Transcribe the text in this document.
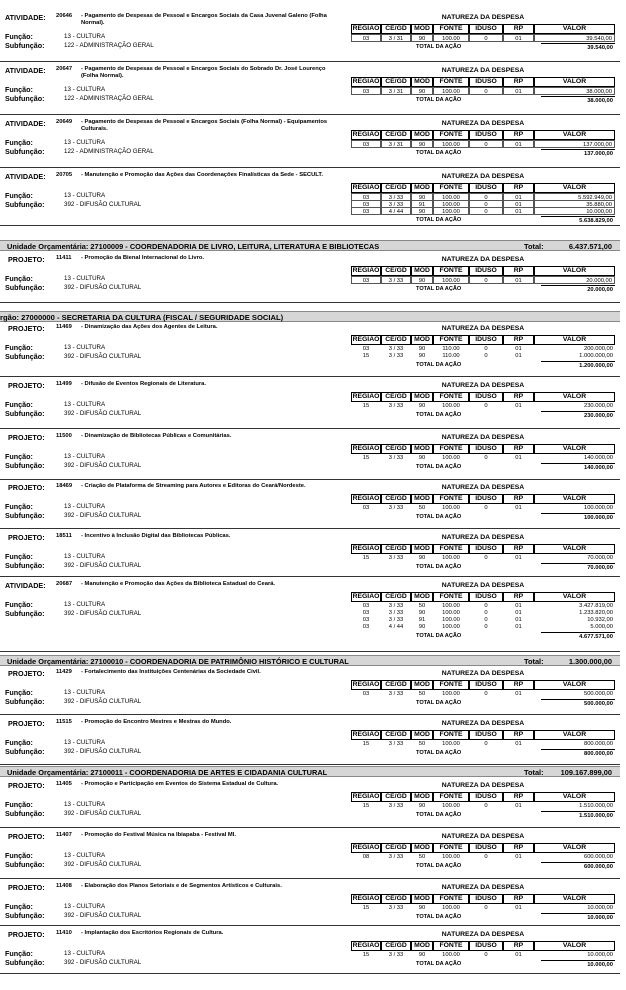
ATIVIDADE: 20646 - Pagamento de Despesas de Pessoal e Encargos Sociais da Casa Juvenal Galeno (Folha Normal).
Função:	13 - CULTURA
Subfunção:	122 - ADMINISTRAÇÃO GERAL
NATUREZA DA DESPESA
REGIÃO CE/GD	MOD	FONTE	IDUSO	RP	VALOR
03	3 / 31	90	100.00	0	01	39.540,00
TOTAL DA AÇÃO	39.540,00
ATIVIDADE: 20647 - Pagamento de Despesas de Pessoal e Encargos Sociais do Sobrado Dr. José Lourenço (Folha Normal).
Função:	13 - CULTURA
Subfunção:	122 - ADMINISTRAÇÃO GERAL
NATUREZA DA DESPESA
REGIÃO CE/GD	MOD	FONTE	IDUSO	RP	VALOR
03	3 / 31	90	100.00	0	01	38.000,00
TOTAL DA AÇÃO	38.000,00
ATIVIDADE: 20649 - Pagamento de Despesas de Pessoal e Encargos Sociais (Folha Normal) - Equipamentos Culturais.
Função:	13 - CULTURA
Subfunção:	122 - ADMINISTRAÇÃO GERAL
NATUREZA DA DESPESA
REGIÃO CE/GD	MOD	FONTE	IDUSO	RP	VALOR
03	3 / 31	90	100.00	0	01	137.000,00
TOTAL DA AÇÃO	137.000,00
ATIVIDADE: 20705 - Manutenção e Promoção das Ações das Coordenações Finalísticas da Sede - SECULT.
Função:	13 - CULTURA
Subfunção:	392 - DIFUSÃO CULTURAL
NATUREZA DA DESPESA
REGIÃO CE/GD	MOD	FONTE	IDUSO	RP	VALOR
03	3 / 33	90	100.00	0	01	5.592.949,00
03	3 / 33	91	100.00	0	01	35.880,00
03	4 / 44	90	100.00	0	01	10.000,00
TOTAL DA AÇÃO	5.638.829,00
PROJETO: 11411 - Promoção da Bienal Internacional do Livro.
Função:	13 - CULTURA
Subfunção:	392 - DIFUSÃO CULTURAL
NATUREZA DA DESPESA
REGIÃO CE/GD	MOD	FONTE	IDUSO	RP	VALOR
03	3 / 33	90	100.00	0	01	20.000,00
TOTAL DA AÇÃO	20.000,00
PROJETO: 11469 - Dinamização das Ações dos Agentes de Leitura.
Função:	13 - CULTURA
Subfunção:	392 - DIFUSÃO CULTURAL
NATUREZA DA DESPESA
REGIÃO CE/GD	MOD	FONTE	IDUSO	RP	VALOR
03	3 / 33	90	110.00	0	01	200.000,00
15	3 / 33	90	110.00	0	01	1.000.000,00
TOTAL DA AÇÃO	1.200.000,00
PROJETO: 11499 - Difusão de Eventos Regionais de Literatura.
Função:	13 - CULTURA
Subfunção:	392 - DIFUSÃO CULTURAL
NATUREZA DA DESPESA
REGIÃO CE/GD	MOD	FONTE	IDUSO	RP	VALOR
15	3 / 33	90	100.00	0	01	230.000,00
TOTAL DA AÇÃO	230.000,00
PROJETO: 11500 - Dinamização de Bibliotecas Públicas e Comunitárias.
Função:	13 - CULTURA
Subfunção:	392 - DIFUSÃO CULTURAL
NATUREZA DA DESPESA
REGIÃO CE/GD	MOD	FONTE	IDUSO	RP	VALOR
15	3 / 33	90	100.00	0	01	140.000,00
TOTAL DA AÇÃO	140.000,00
PROJETO: 18469 - Criação de Plataforma de Streaming para Autores e Editoras do Ceará/Nordeste.
Função:	13 - CULTURA
Subfunção:	392 - DIFUSÃO CULTURAL
NATUREZA DA DESPESA
REGIÃO CE/GD	MOD	FONTE	IDUSO	RP	VALOR
03	3 / 33	50	100.00	0	01	100.000,00
TOTAL DA AÇÃO	100.000,00
PROJETO: 18511 - Incentivo à Inclusão Digital das Bibliotecas Públicas.
Função:	13 - CULTURA
Subfunção:	392 - DIFUSÃO CULTURAL
NATUREZA DA DESPESA
REGIÃO CE/GD	MOD	FONTE	IDUSO	RP	VALOR
15	3 / 33	90	100.00	0	01	70.000,00
TOTAL DA AÇÃO	70.000,00
ATIVIDADE: 20687 - Manutenção e Promoção das Ações da Biblioteca Estadual do Ceará.
Função:	13 - CULTURA
Subfunção:	392 - DIFUSÃO CULTURAL
NATUREZA DA DESPESA
REGIÃO CE/GD	MOD	FONTE	IDUSO	RP	VALOR
03	3 / 33	50	100.00	0	01	3.427.819,00
03	3 / 33	90	100.00	0	01	1.233.820,00
03	3 / 33	91	100.00	0	01	10.932,00
03	4 / 44	90	100.00	0	01	5.000,00
TOTAL DA AÇÃO	4.677.571,00
PROJETO: 11429 - Fortalecimento das Instituições Centenárias da Sociedade Civil.
Função:	13 - CULTURA
Subfunção:	392 - DIFUSÃO CULTURAL
NATUREZA DA DESPESA
REGIÃO CE/GD	MOD	FONTE	IDUSO	RP	VALOR
03	3 / 33	50	100.00	0	01	500.000,00
TOTAL DA AÇÃO	500.000,00
PROJETO: 11515 - Promoção do Encontro Mestres e Mestras do Mundo.
Função:	13 - CULTURA
Subfunção:	392 - DIFUSÃO CULTURAL
NATUREZA DA DESPESA
REGIÃO CE/GD	MOD	FONTE	IDUSO	RP	VALOR
15	3 / 33	50	100.00	0	01	800.000,00
TOTAL DA AÇÃO	800.000,00
PROJETO: 11405 - Promoção e Participação em Eventos do Sistema Estadual de Cultura.
Função:	13 - CULTURA
Subfunção:	392 - DIFUSÃO CULTURAL
NATUREZA DA DESPESA
REGIÃO CE/GD	MOD	FONTE	IDUSO	RP	VALOR
15	3 / 33	90	100.00	0	01	1.510.000,00
TOTAL DA AÇÃO	1.510.000,00
PROJETO: 11407 - Promoção do Festival Música na Ibiapaba - Festival MI.
Função:	13 - CULTURA
Subfunção:	392 - DIFUSÃO CULTURAL
NATUREZA DA DESPESA
REGIÃO CE/GD	MOD	FONTE	IDUSO	RP	VALOR
08	3 / 33	50	100.00	0	01	600.000,00
TOTAL DA AÇÃO	600.000,00
PROJETO: 11408 - Elaboração dos Planos Setoriais e de Segmentos Artísticos e Culturais.
Função:	13 - CULTURA
Subfunção:	392 - DIFUSÃO CULTURAL
NATUREZA DA DESPESA
REGIÃO CE/GD	MOD	FONTE	IDUSO	RP	VALOR
15	3 / 33	90	100.00	0	01	10.000,00
TOTAL DA AÇÃO	10.000,00
PROJETO: 11410 - Implantação dos Escritórios Regionais de Cultura.
Função:	13 - CULTURA
Subfunção:	392 - DIFUSÃO CULTURAL
NATUREZA DA DESPESA
REGIÃO CE/GD	MOD	FONTE	IDUSO	RP	VALOR
15	3 / 33	90	100.00	0	01	10.000,00
TOTAL DA AÇÃO	10.000,00
Unidade Orçamentária: 27100009 - COORDENADORIA DE LIVRO, LEITURA, LITERATURA E BIBLIOTECAS	Total:	6.437.571,00
rgão: 27000000 - SECRETARIA DA CULTURA (FISCAL / SEGURIDADE SOCIAL)
Unidade Orçamentária: 27100010 - COORDENADORIA DE PATRIMÔNIO HISTÓRICO E CULTURAL	Total:	1.300.000,00
Unidade Orçamentária: 27100011 - COORDENADORIA DE ARTES E CIDADANIA CULTURAL	Total: 109.167.899,00
